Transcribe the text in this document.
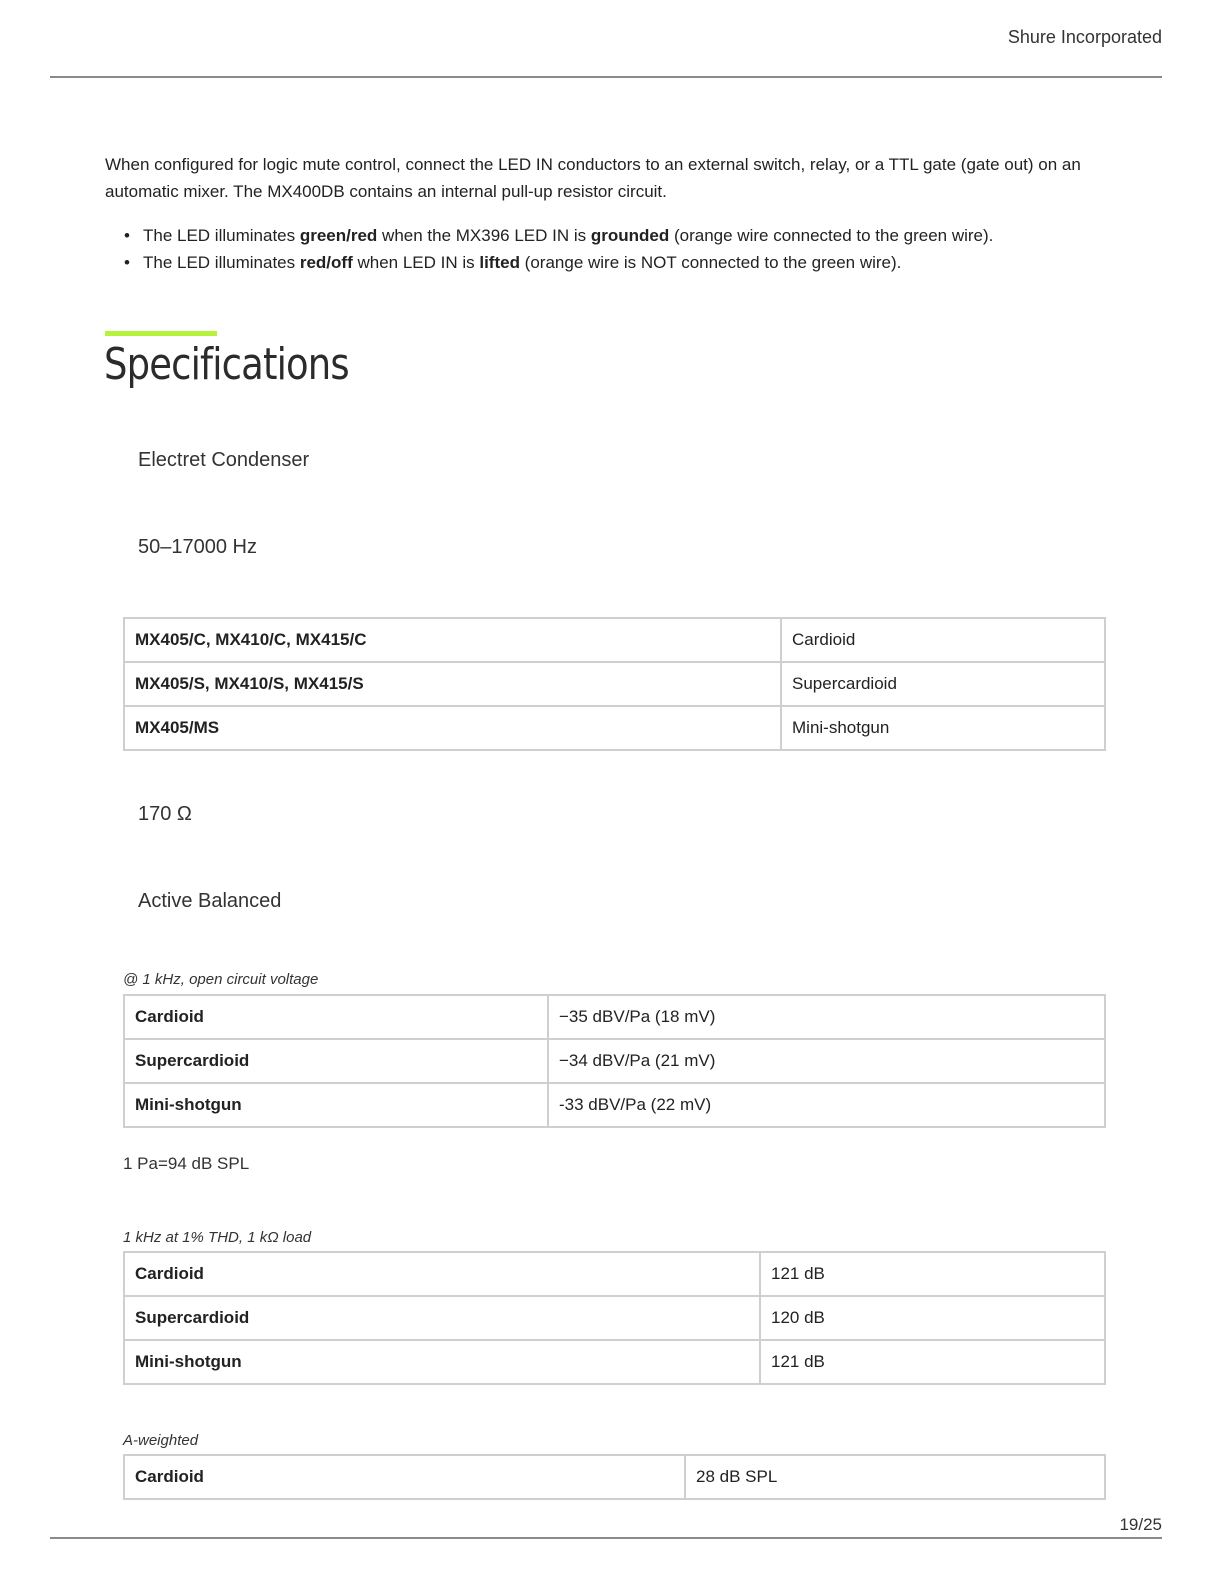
Shure Incorporated

When configured for logic mute control, connect the LED IN conductors to an external switch, relay, or a TTL gate (gate out) on an automatic mixer. The MX400DB contains an internal pull-up resistor circuit.

• The LED illuminates green/red when the MX396 LED IN is grounded (orange wire connected to the green wire).
• The LED illuminates red/off when LED IN is lifted (orange wire is NOT connected to the green wire).
Specifications
Electret Condenser
50–17000 Hz
MX405/C, MX410/C, MX415/C	Cardioid
MX405/S, MX410/S, MX415/S	Supercardioid
MX405/MS	Mini-shotgun
170 Ω
Active Balanced
@ 1 kHz, open circuit voltage
Cardioid	−35 dBV/Pa (18 mV)
Supercardioid	−34 dBV/Pa (21 mV)
Mini-shotgun	-33 dBV/Pa (22 mV)
1 Pa=94 dB SPL
1 kHz at 1% THD, 1 kΩ load
Cardioid	121 dB
Supercardioid	120 dB
Mini-shotgun	121 dB
A-weighted
Cardioid	28 dB SPL
19/25
